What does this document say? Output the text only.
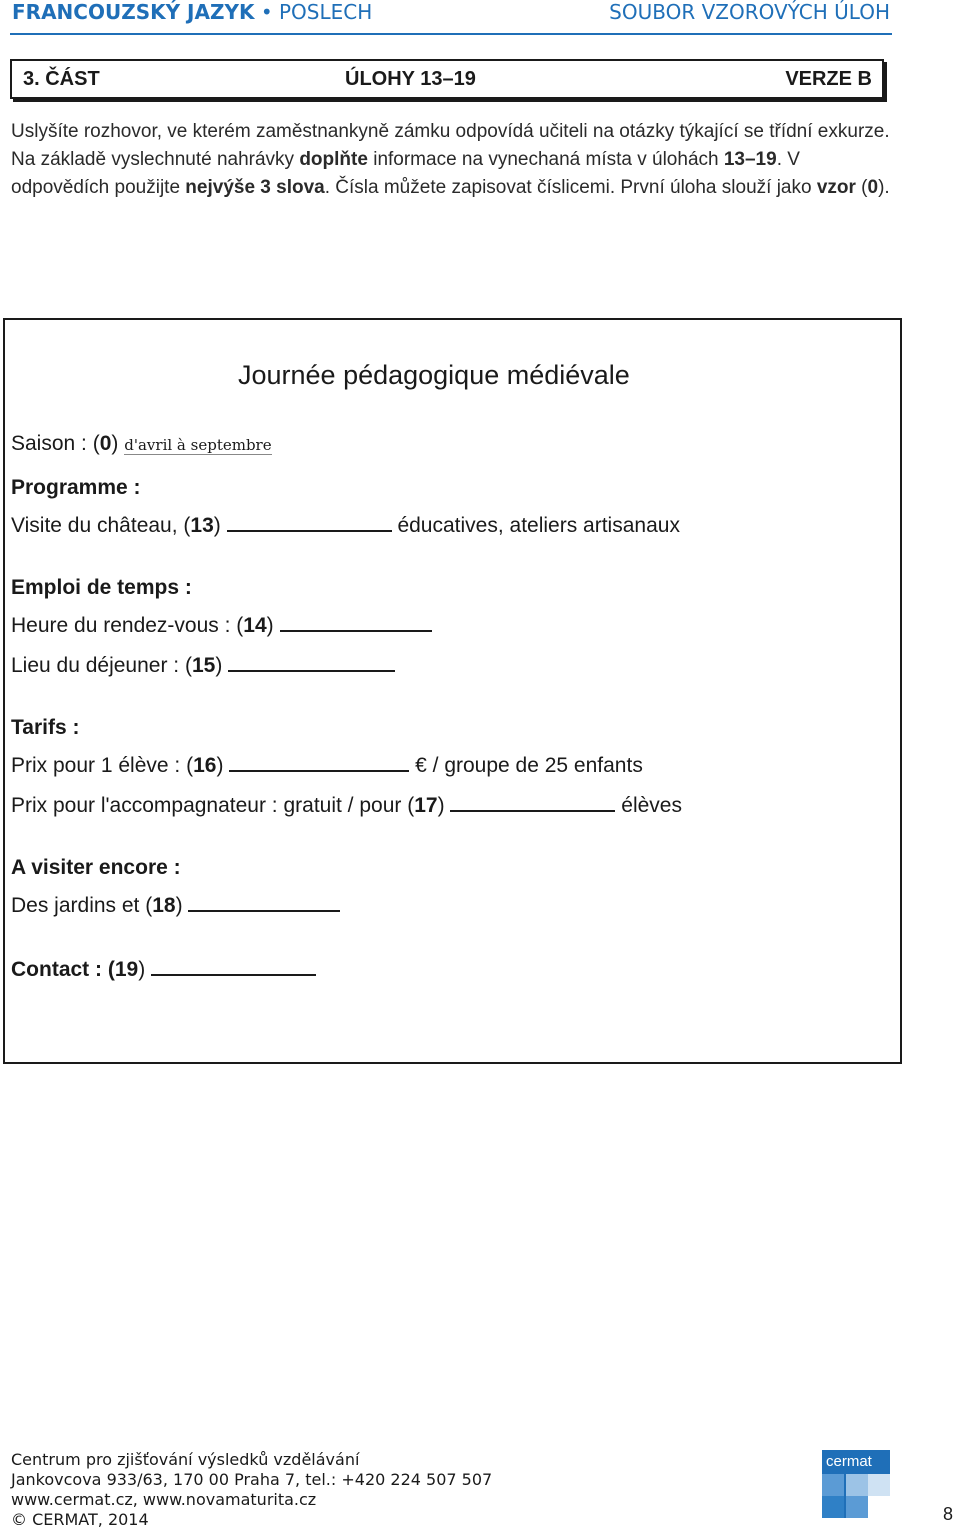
FRANCOUZSKÝ JAZYK • POSLECH	SOUBOR VZOROVÝCH ÚLOH
3. ČÁST	ÚLOHY 13–19	VERZE B
Uslyšíte rozhovor, ve kterém zaměstnankyně zámku odpovídá učiteli na otázky týkající se třídní exkurze. Na základě vyslechnuté nahrávky doplňte informace na vynechaná místa v úlohách 13–19. V odpovědích použijte nejvýše 3 slova. Čísla můžete zapisovat číslicemi. První úloha slouží jako vzor (0).
Journée pédagogique médiévale
Saison : (0) d'avril à septembre
Programme :
Visite du château, (13)	éducatives, ateliers artisanaux
Emploi de temps :
Heure du rendez-vous : (14)
Lieu du déjeuner : (15)
Tarifs :
Prix pour 1 élève : (16)	€ / groupe de 25 enfants
Prix pour l'accompagnateur : gratuit / pour (17)	élèves
A visiter encore :
Des jardins et (18)
Contact : (19)
Centrum pro zjišťování výsledků vzdělávání
Jankovcova 933/63, 170 00 Praha 7, tel.: +420 224 507 507
www.cermat.cz, www.novamaturita.cz
© CERMAT, 2014
cermat
8
